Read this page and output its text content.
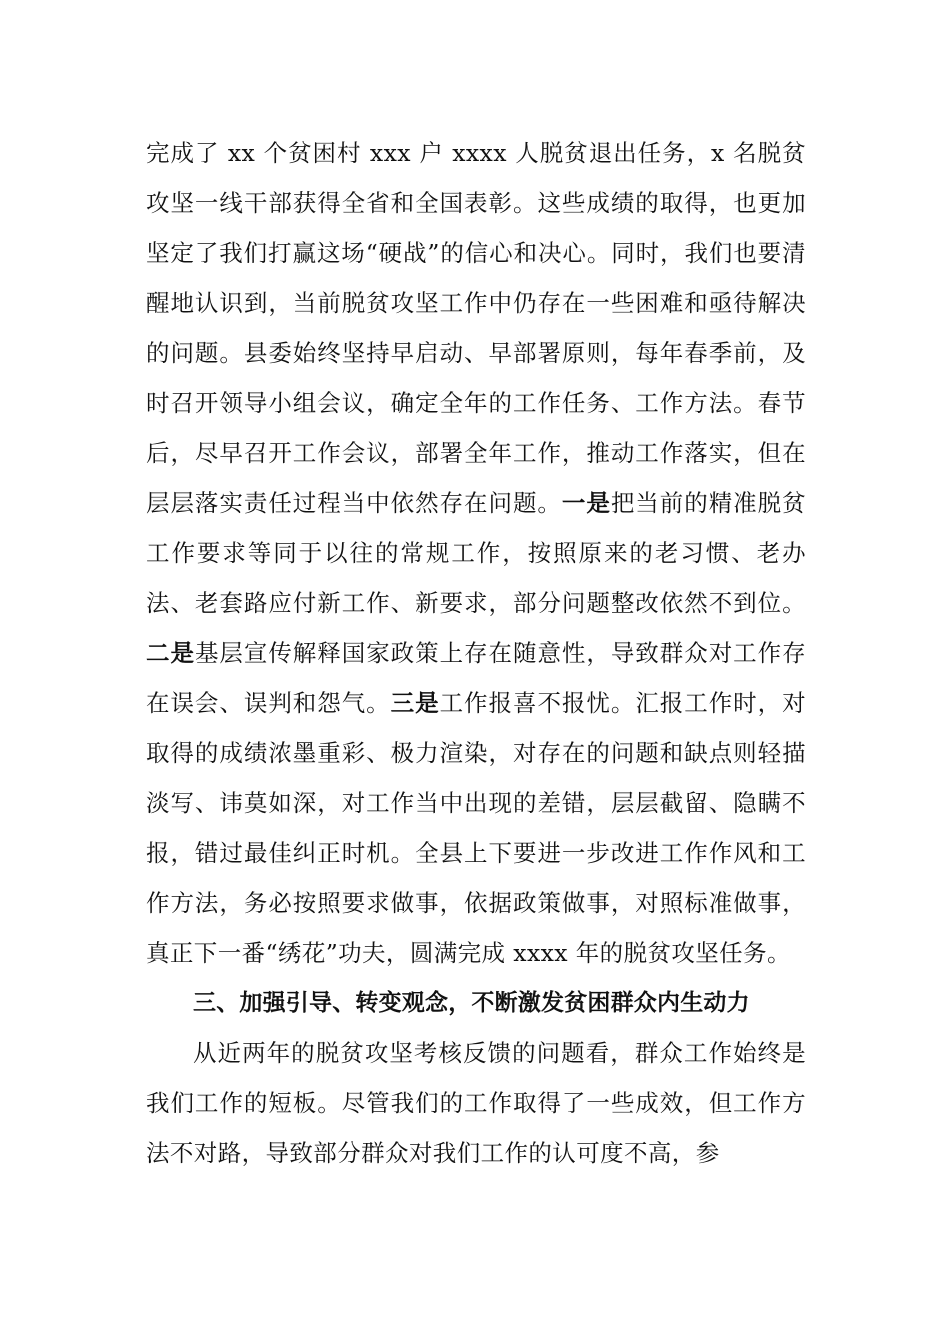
完成了 xx 个贫困村 xxx 户 xxxx 人脱贫退出任务，x 名脱贫攻坚一线干部获得全省和全国表彰。这些成绩的取得，也更加坚定了我们打赢这场“硬战”的信心和决心。同时，我们也要清醒地认识到，当前脱贫攻坚工作中仍存在一些困难和亟待解决的问题。县委始终坚持早启动、早部署原则，每年春季前，及时召开领导小组会议，确定全年的工作任务、工作方法。春节后，尽早召开工作会议，部署全年工作，推动工作落实，但在层层落实责任过程当中依然存在问题。一是把当前的精准脱贫工作要求等同于以往的常规工作，按照原来的老习惯、老办法、老套路应付新工作、新要求，部分问题整改依然不到位。二是基层宣传解释国家政策上存在随意性，导致群众对工作存在误会、误判和怨气。三是工作报喜不报忧。汇报工作时，对取得的成绩浓墨重彩、极力渲染，对存在的问题和缺点则轻描淡写、讳莫如深，对工作当中出现的差错，层层截留、隐瞒不报，错过最佳纠正时机。全县上下要进一步改进工作作风和工作方法，务必按照要求做事，依据政策做事，对照标准做事，真正下一番“绣花”功夫，圆满完成 xxxx 年的脱贫攻坚任务。

三、加强引导、转变观念，不断激发贫困群众内生动力

从近两年的脱贫攻坚考核反馈的问题看，群众工作始终是我们工作的短板。尽管我们的工作取得了一些成效，但工作方法不对路，导致部分群众对我们工作的认可度不高，参
